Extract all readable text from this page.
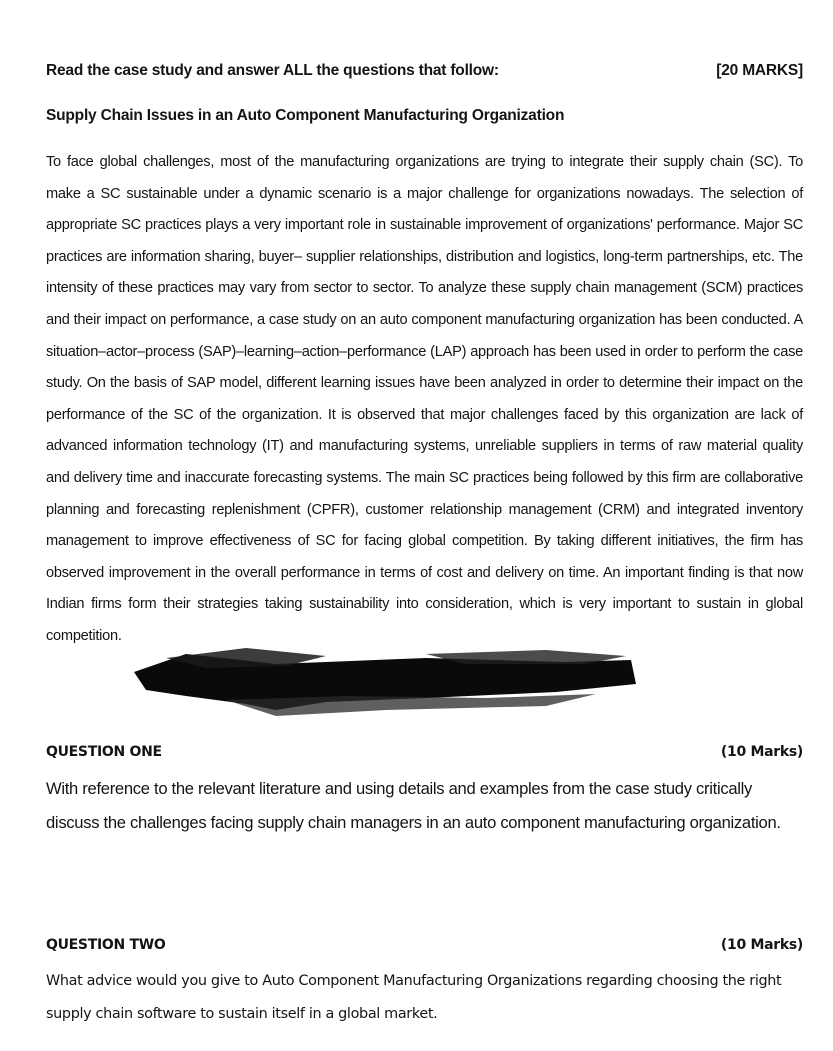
Read the case study and answer ALL the questions that follow:	[20 MARKS]
Supply Chain Issues in an Auto Component Manufacturing Organization
To face global challenges, most of the manufacturing organizations are trying to integrate their supply chain (SC). To make a SC sustainable under a dynamic scenario is a major challenge for organizations nowadays. The selection of appropriate SC practices plays a very important role in sustainable improvement of organizations' performance. Major SC practices are information sharing, buyer– supplier relationships, distribution and logistics, long-term partnerships, etc. The intensity of these practices may vary from sector to sector. To analyze these supply chain management (SCM) practices and their impact on performance, a case study on an auto component manufacturing organization has been conducted. A situation–actor–process (SAP)–learning–action–performance (LAP) approach has been used in order to perform the case study. On the basis of SAP model, different learning issues have been analyzed in order to determine their impact on the performance of the SC of the organization. It is observed that major challenges faced by this organization are lack of advanced information technology (IT) and manufacturing systems, unreliable suppliers in terms of raw material quality and delivery time and inaccurate forecasting systems. The main SC practices being followed by this firm are collaborative planning and forecasting replenishment (CPFR), customer relationship management (CRM) and integrated inventory management to improve effectiveness of SC for facing global competition. By taking different initiatives, the firm has observed improvement in the overall performance in terms of cost and delivery on time. An important finding is that now Indian firms form their strategies taking sustainability into consideration, which is very important to sustain in global competition.
QUESTION ONE	(10 Marks)
With reference to the relevant literature and using details and examples from the case study critically discuss the challenges facing supply chain managers in an auto component manufacturing organization.
QUESTION TWO	(10 Marks)
What advice would you give to Auto Component Manufacturing Organizations regarding choosing the right supply chain software to sustain itself in a global market.
